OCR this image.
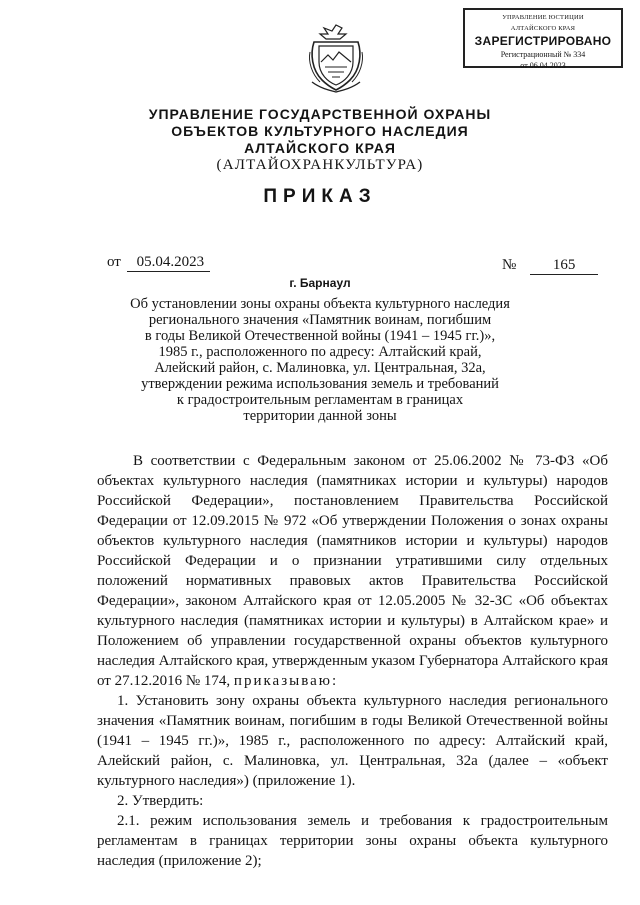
УПРАВЛЕНИЕ ЮСТИЦИИ
АЛТАЙСКОГО КРАЯ
ЗАРЕГИСТРИРОВАНО
Регистрационный № 334
от 06.04.2023
УПРАВЛЕНИЕ ГОСУДАРСТВЕННОЙ ОХРАНЫ
ОБЪЕКТОВ КУЛЬТУРНОГО НАСЛЕДИЯ
АЛТАЙСКОГО КРАЯ
(АЛТАЙОХРАНКУЛЬТУРА)
ПРИКАЗ
от 05.04.2023	№ 165
г. Барнаул
Об установлении зоны охраны объекта культурного наследия
регионального значения «Памятник воинам, погибшим
в годы Великой Отечественной войны (1941 – 1945 гг.)»,
1985 г., расположенного по адресу: Алтайский край,
Алейский район, с. Малиновка, ул. Центральная, 32а,
утверждении режима использования земель и требований
к градостроительным регламентам в границах
территории данной зоны

В соответствии с Федеральным законом от 25.06.2002 № 73-ФЗ «Об объектах культурного наследия (памятниках истории и культуры) народов Российской Федерации», постановлением Правительства Российской Федерации от 12.09.2015 № 972 «Об утверждении Положения о зонах охраны объектов культурного наследия (памятников истории и культуры) народов Российской Федерации и о признании утратившими силу отдельных положений нормативных правовых актов Правительства Российской Федерации», законом Алтайского края от 12.05.2005 № 32-ЗС «Об объектах культурного наследия (памятниках истории и культуры) в Алтайском крае» и Положением об управлении государственной охраны объектов культурного наследия Алтайского края, утвержденным указом Губернатора Алтайского края от 27.12.2016 № 174, приказываю:

1. Установить зону охраны объекта культурного наследия регионального значения «Памятник воинам, погибшим в годы Великой Отечественной войны (1941 – 1945 гг.)», 1985 г., расположенного по адресу: Алтайский край, Алейский район, с. Малиновка, ул. Центральная, 32а (далее – «объект культурного наследия») (приложение 1).

2. Утвердить:

2.1. режим использования земель и требования к градостроительным регламентам в границах территории зоны охраны объекта культурного наследия (приложение 2);
